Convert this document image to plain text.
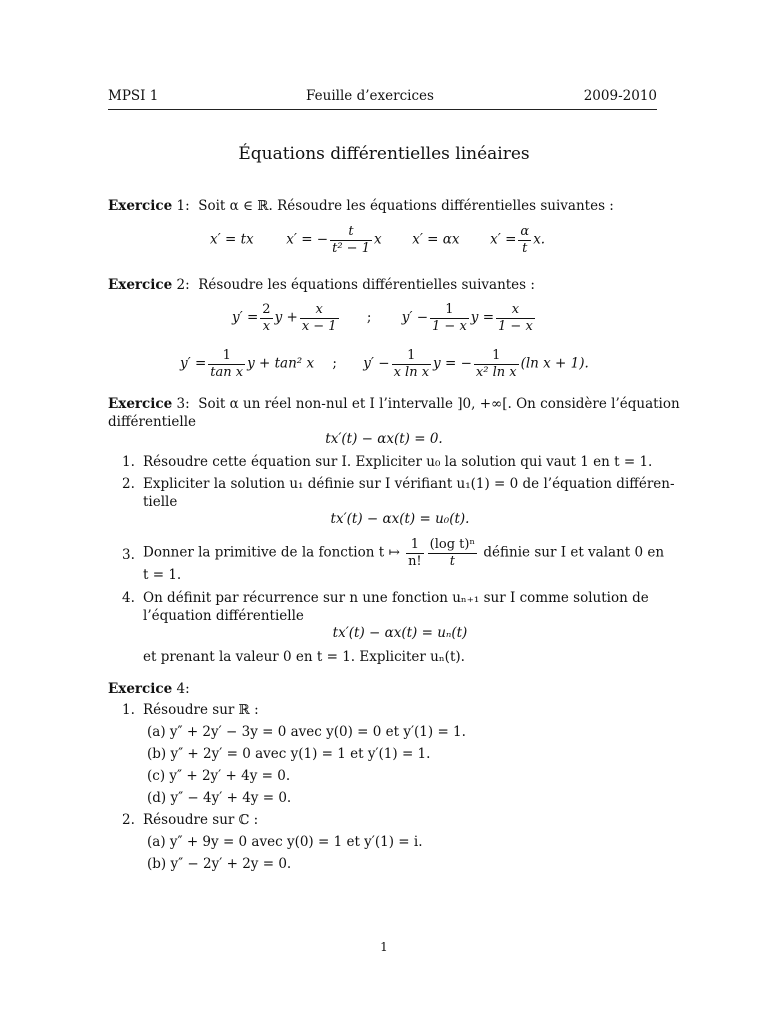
MPSI 1	Feuille d’exercices	2009-2010
Équations différentielles linéaires
Exercice 1: Soit α ∈ ℝ. Résoudre les équations différentielles suivantes :
x′ = tx x′ = − $\frac{t}{\text{t² − 1}}$ x x′ = αx $x' = \frac{\alpha}{t} x$.
Exercice 2: Résoudre les équations différentielles suivantes :
$y' = \frac{2}{x}$ $y + \frac{x}{x - 1}$ ; $y' - \frac{1}{1 - x}$ $y = \frac{x}{1 - x}$
$y' = \frac{1}{\text{tan x}}$ y + tan² x ; $y' - \frac{1}{\text{x ln x}}$ y = − $\frac{1}{\text{x² ln x}} (\ln$ x + 1).
Exercice 3: Soit α un réel non-nul et I l’intervalle ]0, +∞[. On considère l’équation
différentielle
tx′(t) − αx(t) = 0.
1. Résoudre cette équation sur I. Expliciter u₀ la solution qui vaut 1 en t = 1.
2. Expliciter la solution u₁ définie sur I vérifiant u₁(1) = 0 de l’équation différen-
tielle
tx′(t) − αx(t) = u₀(t).
3. Donner la primitive de la fonction t ↦ $\frac{1}{n!} \frac{\text{(log t)ⁿ}}{t}$ définie sur I et valant 0 en
t = 1.
4. On définit par récurrence sur n une fonction uₙ₊₁ sur I comme solution de
l’équation différentielle
tx′(t) − αx(t) = uₙ(t)
et prenant la valeur 0 en t = 1. Expliciter uₙ(t).
Exercice 4:
1. Résoudre sur ℝ :
(a) y″ + 2y′ − 3y = 0 avec y(0) = 0 et y′(1) = 1.
(b) y″ + 2y′ = 0 avec y(1) = 1 et y′(1) = 1.
(c) y″ + 2y′ + 4y = 0.
(d) y″ − 4y′ + 4y = 0.
2. Résoudre sur ℂ :
(a) y″ + 9y = 0 avec y(0) = 1 et y′(1) = i.
(b) y″ − 2y′ + 2y = 0.
1
